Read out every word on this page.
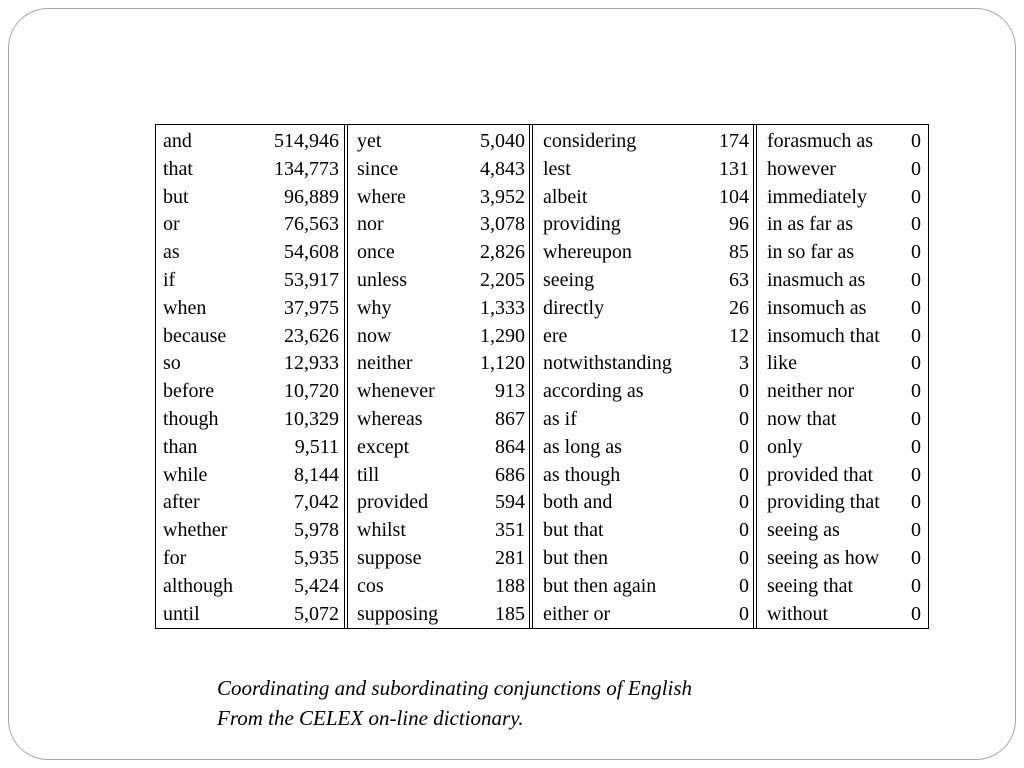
and	514,946
that	134,773
but	96,889
or	76,563
as	54,608
if	53,917
when	37,975
because	23,626
so	12,933
before	10,720
though	10,329
than	9,511
while	8,144
after	7,042
whether	5,978
for	5,935
although	5,424
until	5,072
yet	5,040
since	4,843
where	3,952
nor	3,078
once	2,826
unless	2,205
why	1,333
now	1,290
neither	1,120
whenever	913
whereas	867
except	864
till	686
provided	594
whilst	351
suppose	281
cos	188
supposing	185
considering	174
lest	131
albeit	104
providing	96
whereupon	85
seeing	63
directly	26
ere	12
notwithstanding	3
according as	0
as if	0
as long as	0
as though	0
both and	0
but that	0
but then	0
but then again	0
either or	0
forasmuch as 0
however	0
immediately 0
in as far as	0
in so far as	0
inasmuch as 0
insomuch as 0
insomuch that 0
like	0
neither nor	0
now that	0
only	0
provided that 0
providing that 0
seeing as	0
seeing as how 0
seeing that	0
without	0
Coordinating and subordinating conjunctions of English
From the CELEX on-line dictionary.
